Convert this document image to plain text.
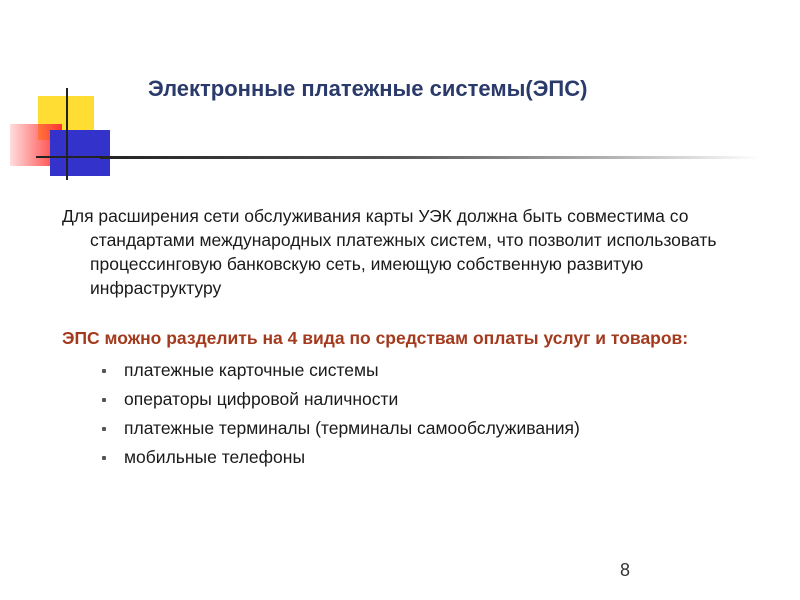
Электронные платежные системы(ЭПС)

Для расширения сети обслуживания карты УЭК должна быть совместима со стандартами международных платежных систем, что позволит использовать процессинговую банковскую сеть, имеющую собственную развитую инфраструктуру

ЭПС можно разделить на 4 вида по средствам оплаты услуг и товаров:

платежные карточные системы
операторы цифровой наличности
платежные терминалы (терминалы самообслуживания)
мобильные телефоны
8
